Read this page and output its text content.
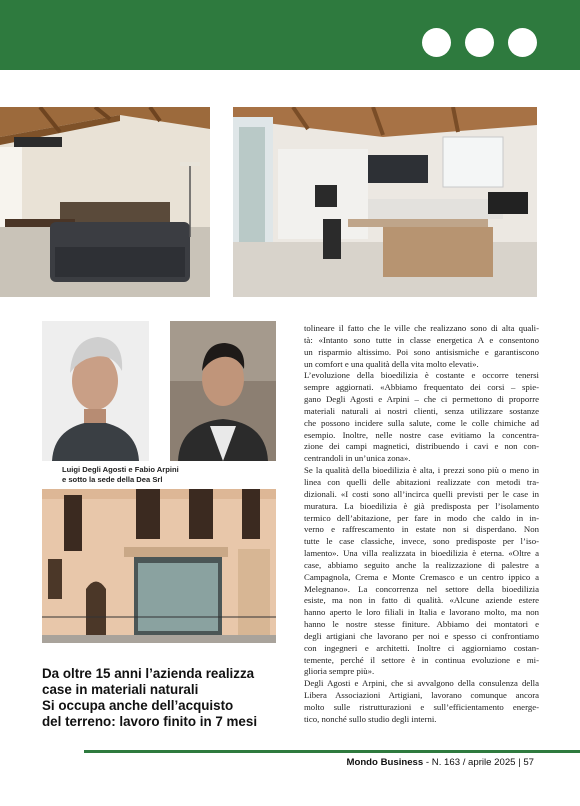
Luigi Degli Agosti e Fabio Arpini
e sotto la sede della Dea Srl
Da oltre 15 anni l’azienda realizza
case in materiali naturali
Si occupa anche dell’acquisto
del terreno: lavoro finito in 7 mesi
tolineare il fatto che le ville che realizzano sono di alta quali-
tà: «Intanto sono tutte in classe energetica A e consentono
un risparmio altissimo. Poi sono antisismiche e garantiscono
un comfort e una qualità della vita molto elevati».
L’evoluzione della bioedilizia è costante e occorre tenersi
sempre aggiornati. «Abbiamo frequentato dei corsi – spie-
gano Degli Agosti e Arpini – che ci permettono di proporre
materiali naturali ai nostri clienti, senza utilizzare sostanze
che possono incidere sulla salute, come le colle chimiche ad
esempio. Inoltre, nelle nostre case evitiamo la concentra-
zione dei campi magnetici, distribuendo i cavi e non con-
centrandoli in un’unica zona».
Se la qualità della bioedilizia è alta, i prezzi sono più o meno in
linea con quelli delle abitazioni realizzate con metodi tra-
dizionali. «I costi sono all’incirca quelli previsti per le case in
muratura. La bioedilizia è già predisposta per l’isolamento
termico dell’abitazione, per fare in modo che caldo in in-
verno e raffrescamento in estate non si disperdano. Non
tutte le case classiche, invece, sono predisposte per l’iso-
lamento». Una villa realizzata in bioedilizia è eterna. «Oltre a
case, abbiamo seguito anche la realizzazione di palestre a
Campagnola, Crema e Monte Cremasco e un centro ippico a
Melegnano». La concorrenza nel settore della bioedilizia
esiste, ma non in fatto di qualità. «Alcune aziende estere
hanno aperto le loro filiali in Italia e lavorano molto, ma non
hanno le nostre stesse finiture. Abbiamo dei montatori e
degli artigiani che lavorano per noi e spesso ci confrontiamo
con ingegneri e architetti. Inoltre ci aggiorniamo costan-
temente, perché il settore è in continua evoluzione e mi-
glioria sempre più».
Degli Agosti e Arpini, che si avvalgono della consulenza della
Libera Associazioni Artigiani, lavorano comunque ancora
molto sulle ristrutturazioni e sull’efficientamento energe-
tico, nonché sullo studio degli interni.
Mondo Business - N. 163 / aprile 2025 | 57
